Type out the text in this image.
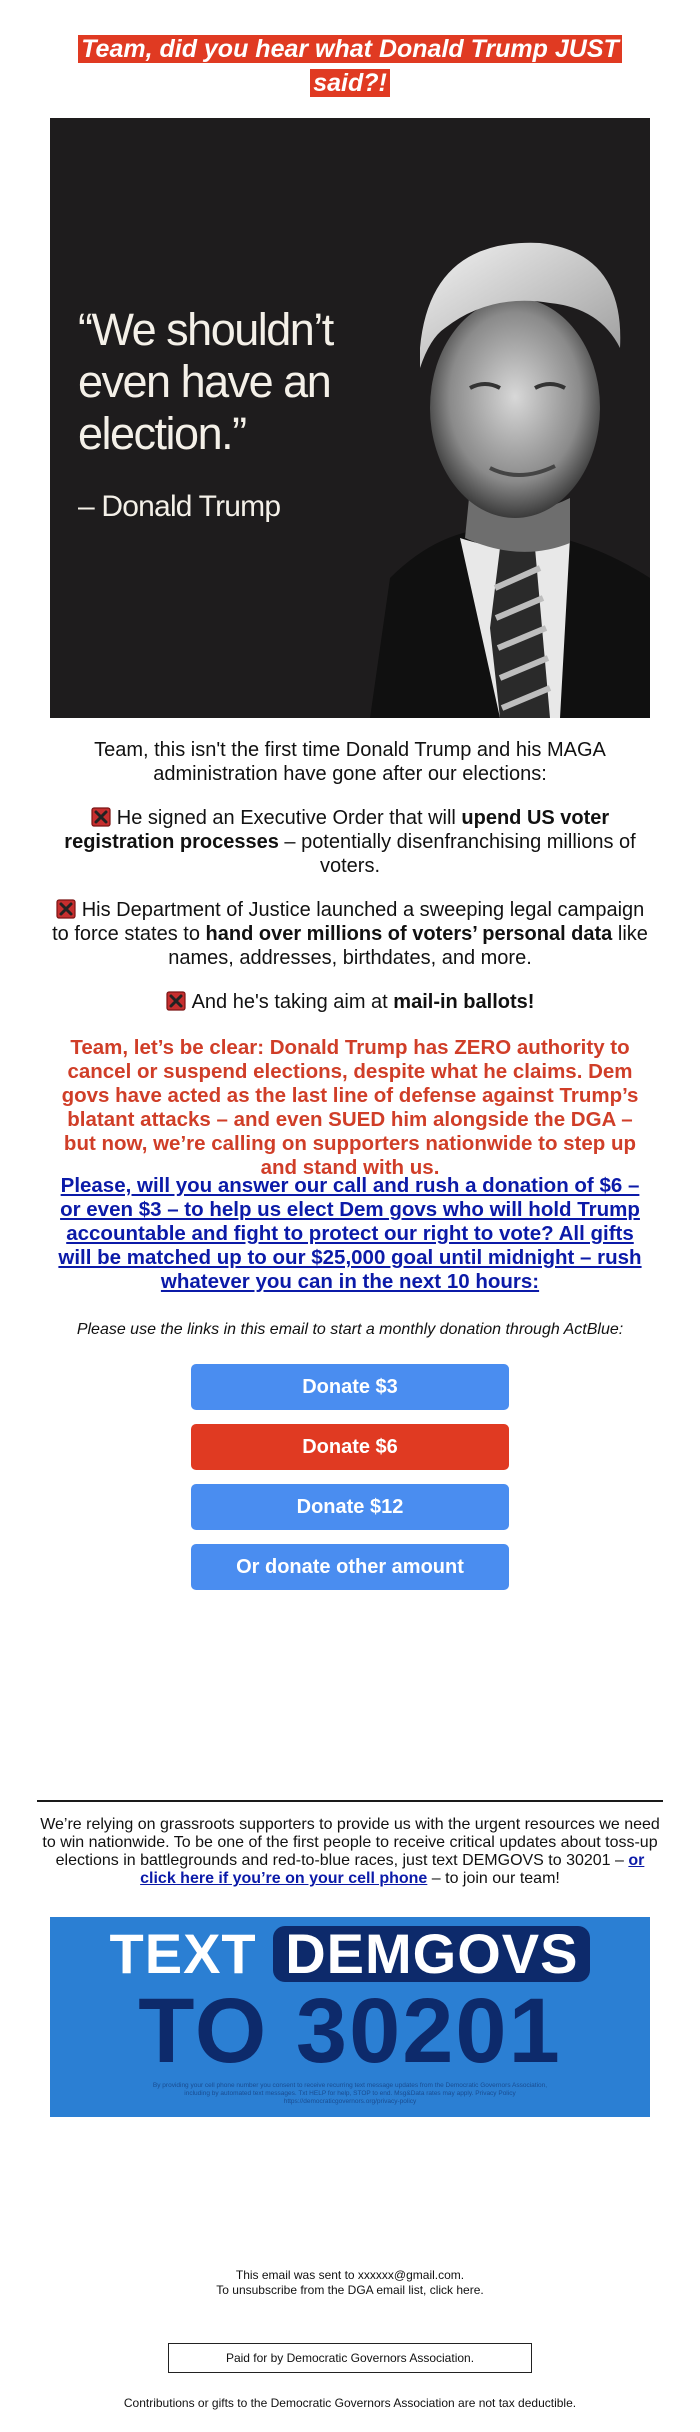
Team, did you hear what Donald Trump JUST said?!
“We shouldn’t even have an election.”
– Donald Trump
Team, this isn't the first time Donald Trump and his MAGA administration have gone after our elections:
He signed an Executive Order that will upend US voter registration processes – potentially disenfranchising millions of voters.
His Department of Justice launched a sweeping legal campaign to force states to hand over millions of voters’ personal data like names, addresses, birthdates, and more.
And he's taking aim at mail-in ballots!
Team, let’s be clear: Donald Trump has ZERO authority to cancel or suspend elections, despite what he claims. Dem govs have acted as the last line of defense against Trump’s blatant attacks – and even SUED him alongside the DGA – but now, we’re calling on supporters nationwide to step up and stand with us.
Please, will you answer our call and rush a donation of $6 – or even $3 – to help us elect Dem govs who will hold Trump accountable and fight to protect our right to vote? All gifts will be matched up to our $25,000 goal until midnight – rush whatever you can in the next 10 hours:
Please use the links in this email to start a monthly donation through ActBlue:
Donate $3
Donate $6
Donate $12
Or donate other amount
We’re relying on grassroots supporters to provide us with the urgent resources we need to win nationwide. To be one of the first people to receive critical updates about toss-up elections in battlegrounds and red-to-blue races, just text DEMGOVS to 30201 – or click here if you’re on your cell phone – to join our team!
TEXT DEMGOVS
TO 30201
By providing your cell phone number you consent to receive recurring text message updates from the Democratic Governors Association, including by automated text messages. Txt HELP for help, STOP to end. Msg&Data rates may apply. Privacy Policy https://democraticgovernors.org/privacy-policy
This email was sent to xxxxxx@gmail.com.
To unsubscribe from the DGA email list, click here.
Paid for by Democratic Governors Association.
Contributions or gifts to the Democratic Governors Association are not tax deductible.
